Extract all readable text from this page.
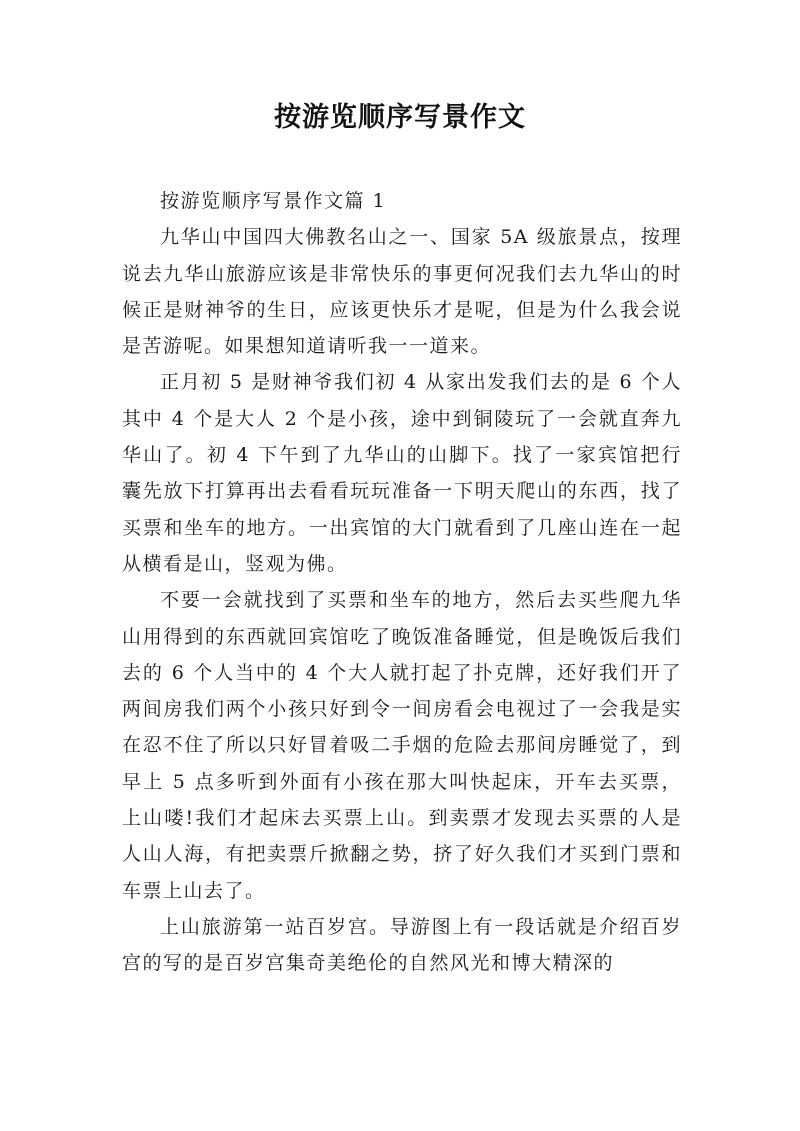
按游览顺序写景作文

按游览顺序写景作文篇 1

九华山中国四大佛教名山之一、国家 5A 级旅景点，按理说去九华山旅游应该是非常快乐的事更何况我们去九华山的时候正是财神爷的生日，应该更快乐才是呢，但是为什么我会说是苦游呢。如果想知道请听我一一道来。

正月初 5 是财神爷我们初 4 从家出发我们去的是 6 个人其中 4 个是大人 2 个是小孩，途中到铜陵玩了一会就直奔九华山了。初 4 下午到了九华山的山脚下。找了一家宾馆把行囊先放下打算再出去看看玩玩准备一下明天爬山的东西，找了买票和坐车的地方。一出宾馆的大门就看到了几座山连在一起从横看是山，竖观为佛。

不要一会就找到了买票和坐车的地方，然后去买些爬九华山用得到的东西就回宾馆吃了晚饭准备睡觉，但是晚饭后我们去的 6 个人当中的 4 个大人就打起了扑克牌，还好我们开了两间房我们两个小孩只好到令一间房看会电视过了一会我是实在忍不住了所以只好冒着吸二手烟的危险去那间房睡觉了，到早上 5 点多听到外面有小孩在那大叫快起床，开车去买票，上山喽!我们才起床去买票上山。到卖票才发现去买票的人是人山人海，有把卖票斤掀翻之势，挤了好久我们才买到门票和车票上山去了。

上山旅游第一站百岁宫。导游图上有一段话就是介绍百岁宫的写的是百岁宫集奇美绝伦的自然风光和博大精深的
